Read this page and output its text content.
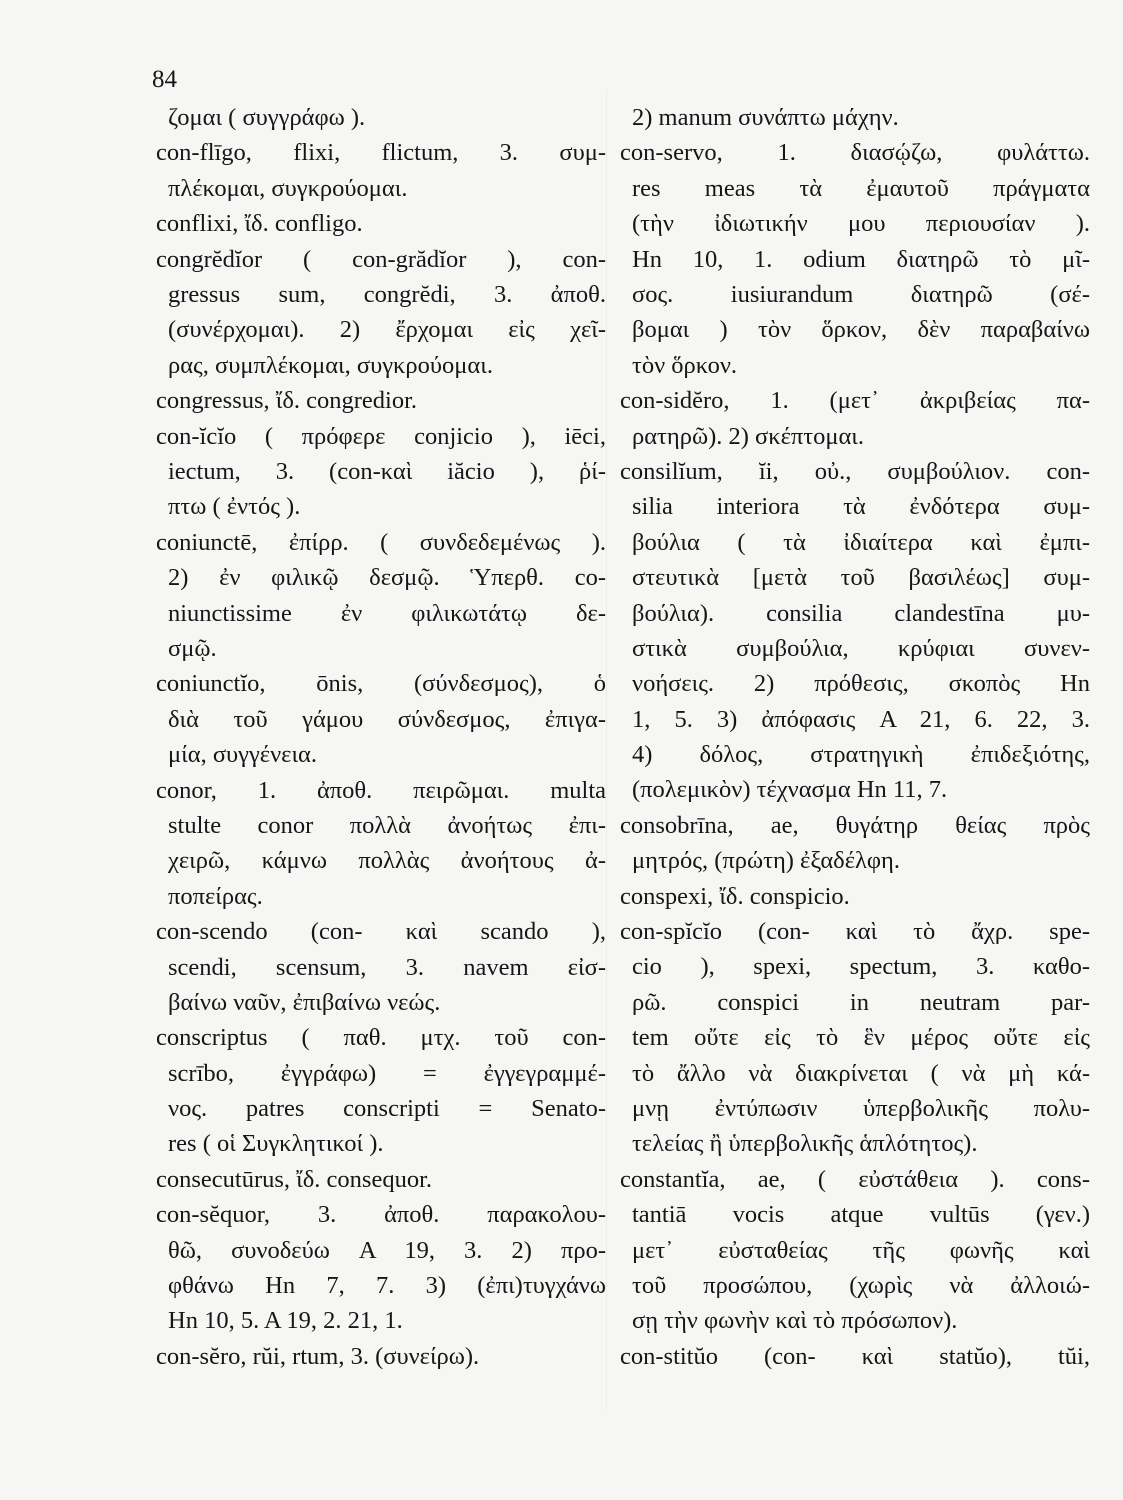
84
ζομαι ( συγγράφω ).
con-flīgo, flixi, flictum, 3. συμ-
πλέκομαι, συγκρούομαι.
conflixi, ἴδ. confligo.
congrĕdĭor ( con-grădĭor ), con-
gressus sum, congrĕdi, 3. ἀποθ.
(συνέρχομαι). 2) ἔρχομαι εἰς χεῖ-
ρας, συμπλέκομαι, συγκρούομαι.
congressus, ἴδ. congredior.
con-ĭcĭo ( πρόφερε conjicio ), iēci,
iectum, 3. (con-καὶ iăcio ), ῥί-
πτω ( ἐντός ).
coniunctē, ἐπίρρ. ( συνδεδεμένως ).
2) ἐν φιλικῷ δεσμῷ. Ὑπερθ. co-
niunctissime ἐν φιλικωτάτῳ δε-
σμῷ.
coniunctĭo, ōnis, (σύνδεσμος), ὁ
διὰ τοῦ γάμου σύνδεσμος, ἐπιγα-
μία, συγγένεια.
conor, 1. ἀποθ. πειρῶμαι. multa
stulte conor πολλὰ ἀνοήτως ἐπι-
χειρῶ, κάμνω πολλὰς ἀνοήτους ἀ-
ποπείρας.
con-scendo (con- καὶ scando ),
scendi, scensum, 3. navem εἰσ-
βαίνω ναῦν, ἐπιβαίνω νεώς.
conscriptus ( παθ. μτχ. τοῦ con-
scrībo, ἐγγράφω) = ἐγγεγραμμέ-
νος. patres conscripti = Senato-
res ( οἱ Συγκλητικοί ).
consecutūrus, ἴδ. consequor.
con-sĕquor, 3. ἀποθ. παρακολου-
θῶ, συνοδεύω A 19, 3. 2) προ-
φθάνω Hn 7, 7. 3) (ἐπι)τυγχάνω
Hn 10, 5. A 19, 2. 21, 1.
con-sĕro, rŭi, rtum, 3. (συνείρω).
2) manum συνάπτω μάχην.
con-servo, 1. διασῴζω, φυλάττω.
res meas τὰ ἐμαυτοῦ πράγματα
(τὴν ἰδιωτικήν μου περιουσίαν ).
Hn 10, 1. odium διατηρῶ τὸ μῖ-
σος. iusiurandum διατηρῶ (σέ-
βομαι ) τὸν ὅρκον, δὲν παραβαίνω
τὸν ὅρκον.
con-sidĕro, 1. (μετ᾽ ἀκριβείας πα-
ρατηρῶ). 2) σκέπτομαι.
consilĭum, ĭi, οὐ., συμβούλιον. con-
silia interiora τὰ ἐνδότερα συμ-
βούλια ( τὰ ἰδιαίτερα καὶ ἐμπι-
στευτικὰ [μετὰ τοῦ βασιλέως] συμ-
βούλια). consilia clandestīna μυ-
στικὰ συμβούλια, κρύφιαι συνεν-
νοήσεις. 2) πρόθεσις, σκοπὸς Hn
1, 5. 3) ἀπόφασις A 21, 6. 22, 3.
4) δόλος, στρατηγικὴ ἐπιδεξιότης,
(πολεμικὸν) τέχνασμα Hn 11, 7.
consobrīna, ae, θυγάτηρ θείας πρὸς
μητρός, (πρώτη) ἐξαδέλφη.
conspexi, ἴδ. conspicio.
con-spĭcĭo (con- καὶ τὸ ἄχρ. spe-
cio ), spexi, spectum, 3. καθο-
ρῶ. conspici in neutram par-
tem οὔτε εἰς τὸ ἓν μέρος οὔτε εἰς
τὸ ἄλλο νὰ διακρίνεται ( νὰ μὴ κά-
μνῃ ἐντύπωσιν ὑπερβολικῆς πολυ-
τελείας ἢ ὑπερβολικῆς ἁπλότητος).
constantĭa, ae, ( εὐστάθεια ). cons-
tantiā vocis atque vultūs (γεν.)
μετ᾽ εὐσταθείας τῆς φωνῆς καὶ
τοῦ προσώπου, (χωρὶς νὰ ἀλλοιώ-
σῃ τὴν φωνὴν καὶ τὸ πρόσωπον).
con-stitŭo (con- καὶ statŭo), tŭi,
